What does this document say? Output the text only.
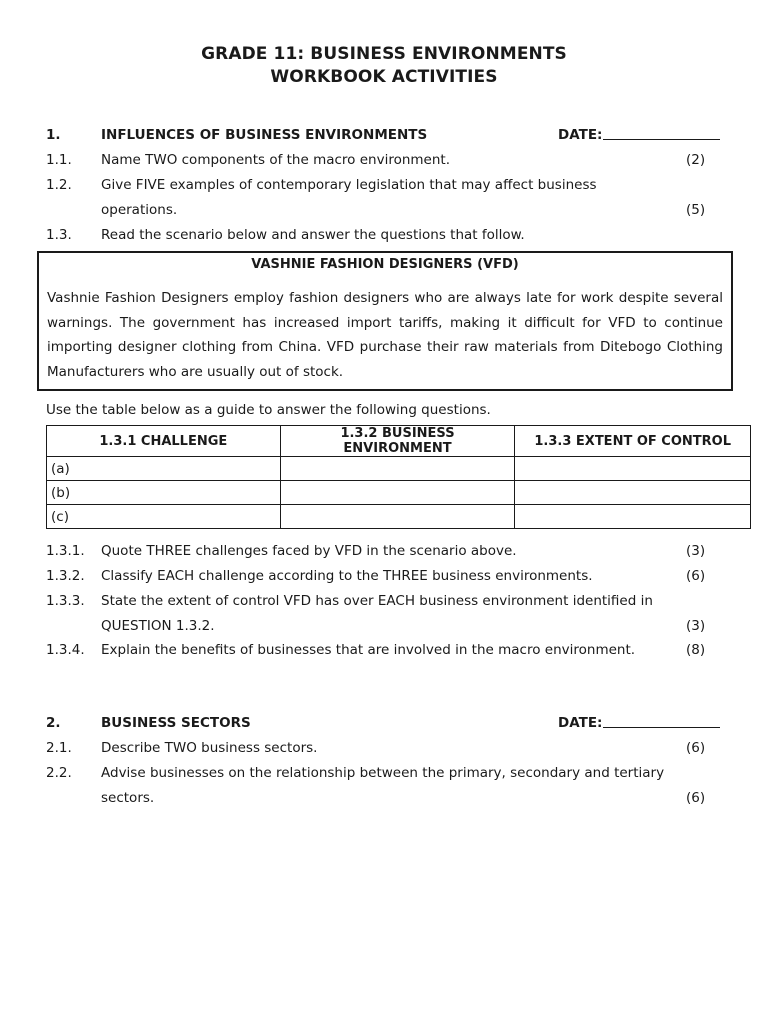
GRADE 11: BUSINESS ENVIRONMENTS
WORKBOOK ACTIVITIES
1.	INFLUENCES OF BUSINESS ENVIRONMENTS	DATE:
1.1. Name TWO components of the macro environment.	(2)
1.2. Give FIVE examples of contemporary legislation that may affect business
operations.	(5)
1.3. Read the scenario below and answer the questions that follow.
VASHNIE FASHION DESIGNERS (VFD)
Vashnie Fashion Designers employ fashion designers who are always late for work despite several warnings. The government has increased import tariffs, making it difficult for VFD to continue importing designer clothing from China. VFD purchase their raw materials from Ditebogo Clothing Manufacturers who are usually out of stock.
Use the table below as a guide to answer the following questions.
1.3.1 CHALLENGE	1.3.2 BUSINESS ENVIRONMENT	1.3.3 EXTENT OF CONTROL
(a)		
(b)		
(c)		
1.3.1. Quote THREE challenges faced by VFD in the scenario above.	(3)
1.3.2. Classify EACH challenge according to the THREE business environments.	(6)
1.3.3. State the extent of control VFD has over EACH business environment identified in
QUESTION 1.3.2.	(3)
1.3.4. Explain the benefits of businesses that are involved in the macro environment.	(8)
2.	BUSINESS SECTORS	DATE:
2.1. Describe TWO business sectors.	(6)
2.2. Advise businesses on the relationship between the primary, secondary and tertiary
sectors.	(6)
